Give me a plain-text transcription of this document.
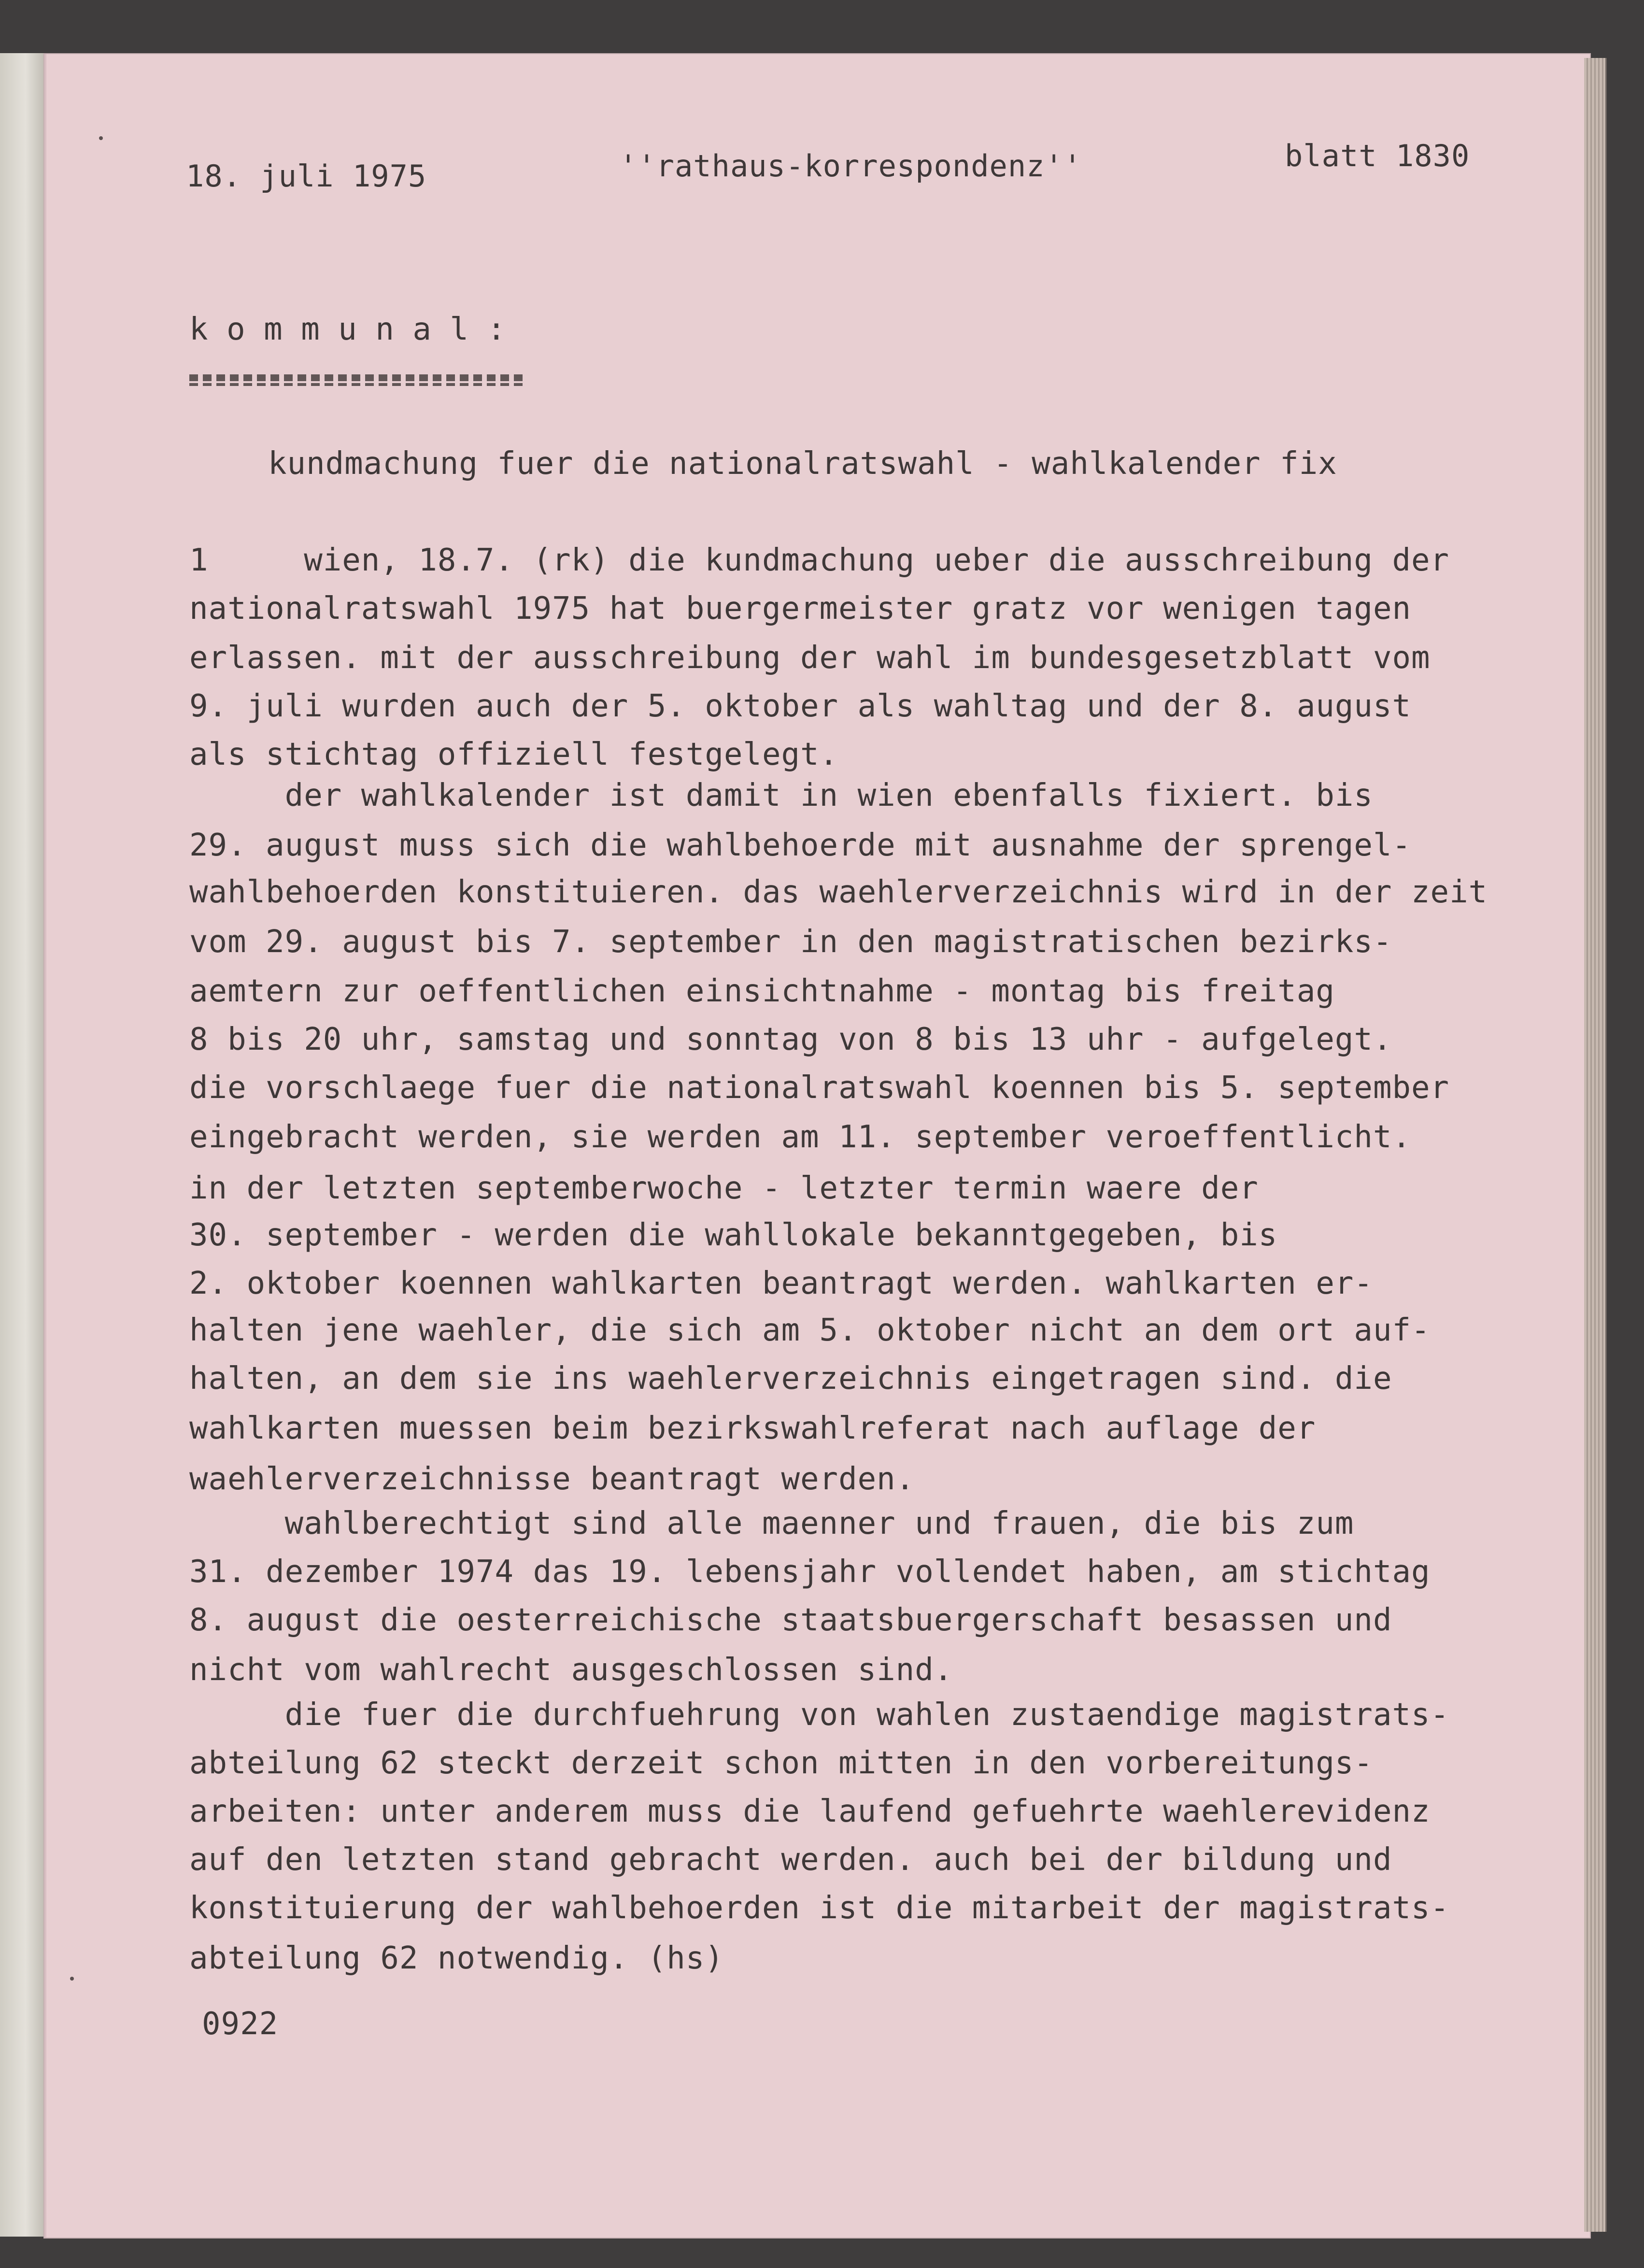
18. juli 1975	''rathaus-korrespondenz''	blatt 1830
k o m m u n a l :
kundmachung fuer die nationalratswahl - wahlkalender fix
1     wien, 18.7. (rk) die kundmachung ueber die ausschreibung der
nationalratswahl 1975 hat buergermeister gratz vor wenigen tagen
erlassen. mit der ausschreibung der wahl im bundesgesetzblatt vom
9. juli wurden auch der 5. oktober als wahltag und der 8. august
als stichtag offiziell festgelegt.
der wahlkalender ist damit in wien ebenfalls fixiert. bis
29. august muss sich die wahlbehoerde mit ausnahme der sprengel-
wahlbehoerden konstituieren. das waehlerverzeichnis wird in der zeit
vom 29. august bis 7. september in den magistratischen bezirks-
aemtern zur oeffentlichen einsichtnahme - montag bis freitag
8 bis 20 uhr, samstag und sonntag von 8 bis 13 uhr - aufgelegt.
die vorschlaege fuer die nationalratswahl koennen bis 5. september
eingebracht werden, sie werden am 11. september veroeffentlicht.
in der letzten septemberwoche - letzter termin waere der
30. september - werden die wahllokale bekanntgegeben, bis
2. oktober koennen wahlkarten beantragt werden. wahlkarten er-
halten jene waehler, die sich am 5. oktober nicht an dem ort auf-
halten, an dem sie ins waehlerverzeichnis eingetragen sind. die
wahlkarten muessen beim bezirkswahlreferat nach auflage der
waehlerverzeichnisse beantragt werden.
wahlberechtigt sind alle maenner und frauen, die bis zum
31. dezember 1974 das 19. lebensjahr vollendet haben, am stichtag
8. august die oesterreichische staatsbuergerschaft besassen und
nicht vom wahlrecht ausgeschlossen sind.
die fuer die durchfuehrung von wahlen zustaendige magistrats-
abteilung 62 steckt derzeit schon mitten in den vorbereitungs-
arbeiten: unter anderem muss die laufend gefuehrte waehlerevidenz
auf den letzten stand gebracht werden. auch bei der bildung und
konstituierung der wahlbehoerden ist die mitarbeit der magistrats-
abteilung 62 notwendig. (hs)
0922
